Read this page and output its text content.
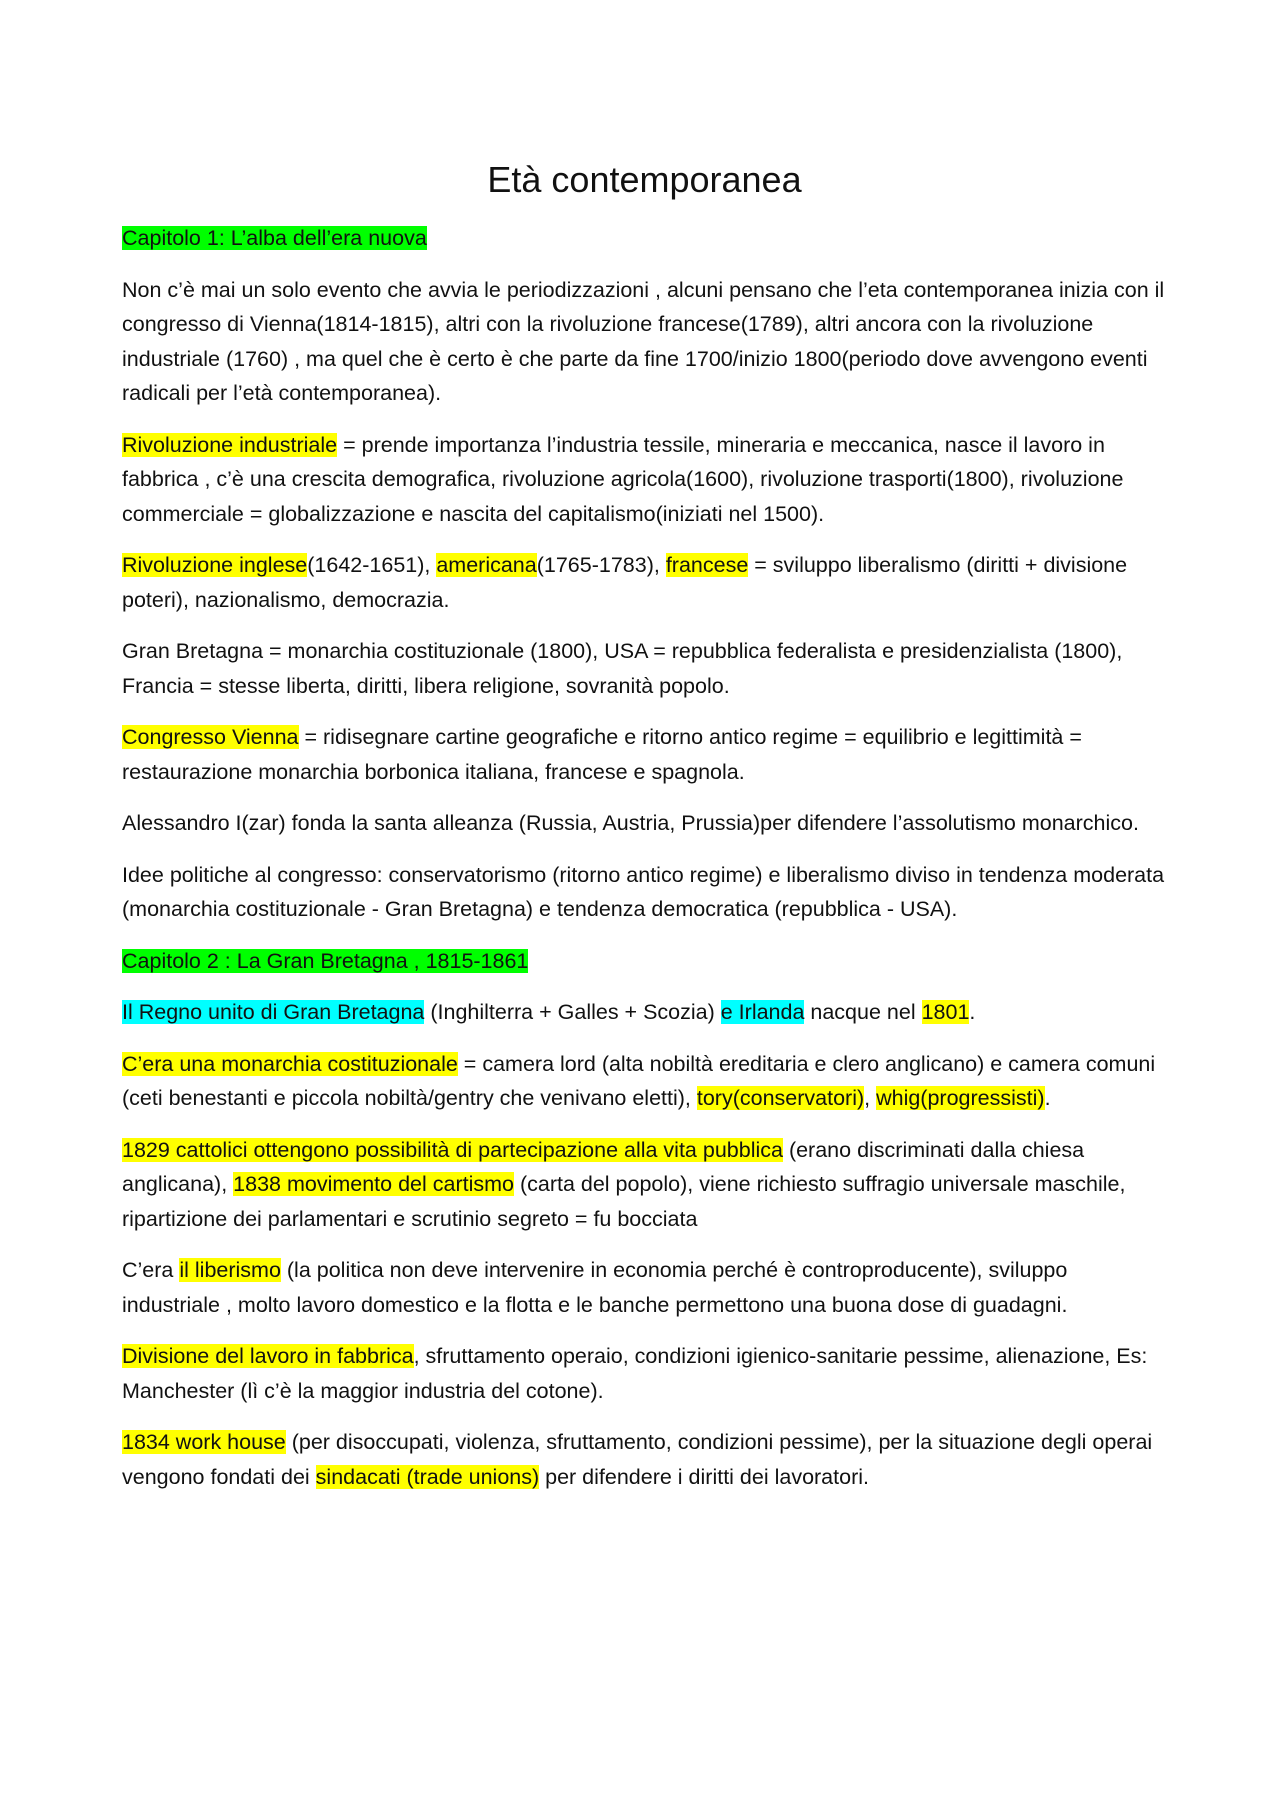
Età contemporanea

Capitolo 1: L’alba dell’era nuova

Non c’è mai un solo evento che avvia le periodizzazioni , alcuni pensano che l’eta contemporanea inizia con il congresso di Vienna(1814-1815), altri con la rivoluzione francese(1789), altri ancora con la rivoluzione industriale (1760) , ma quel che è certo è che parte da fine 1700/inizio 1800(periodo dove avvengono eventi radicali per l’età contemporanea).

Rivoluzione industriale = prende importanza l’industria tessile, mineraria e meccanica, nasce il lavoro in fabbrica , c’è una crescita demografica, rivoluzione agricola(1600), rivoluzione trasporti(1800), rivoluzione commerciale = globalizzazione e nascita del capitalismo(iniziati nel 1500).

Rivoluzione inglese(1642-1651), americana(1765-1783), francese = sviluppo liberalismo (diritti + divisione poteri), nazionalismo, democrazia.

Gran Bretagna = monarchia costituzionale (1800), USA = repubblica federalista e presidenzialista (1800), Francia = stesse liberta, diritti, libera religione, sovranità popolo.

Congresso Vienna = ridisegnare cartine geografiche e ritorno antico regime = equilibrio e legittimità = restaurazione monarchia borbonica italiana, francese e spagnola.

Alessandro I(zar) fonda la santa alleanza (Russia, Austria, Prussia)per difendere l’assolutismo monarchico.

Idee politiche al congresso: conservatorismo (ritorno antico regime) e liberalismo diviso in tendenza moderata (monarchia costituzionale - Gran Bretagna) e tendenza democratica (repubblica - USA).

Capitolo 2 : La Gran Bretagna , 1815-1861

Il Regno unito di Gran Bretagna (Inghilterra + Galles + Scozia) e Irlanda nacque nel 1801.

C’era una monarchia costituzionale = camera lord (alta nobiltà ereditaria e clero anglicano) e camera comuni (ceti benestanti e piccola nobiltà/gentry che venivano eletti), tory(conservatori), whig(progressisti).

1829 cattolici ottengono possibilità di partecipazione alla vita pubblica (erano discriminati dalla chiesa anglicana), 1838 movimento del cartismo (carta del popolo), viene richiesto suffragio universale maschile, ripartizione dei parlamentari e scrutinio segreto = fu bocciata

C’era il liberismo (la politica non deve intervenire in economia perché è controproducente), sviluppo industriale , molto lavoro domestico e la flotta e le banche permettono una buona dose di guadagni.

Divisione del lavoro in fabbrica, sfruttamento operaio, condizioni igienico-sanitarie pessime, alienazione, Es: Manchester (lì c’è la maggior industria del cotone).

1834 work house (per disoccupati, violenza, sfruttamento, condizioni pessime), per la situazione degli operai vengono fondati dei sindacati (trade unions) per difendere i diritti dei lavoratori.
